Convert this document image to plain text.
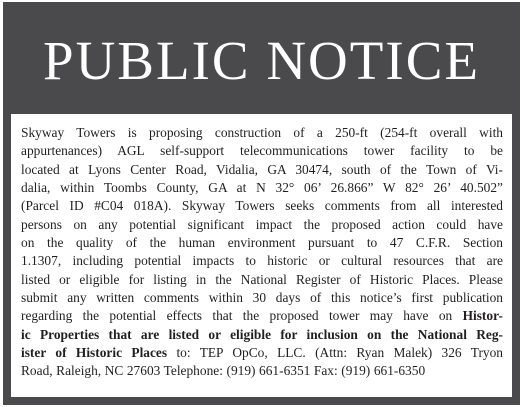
PUBLIC NOTICE

Skyway Towers is proposing construction of a 250-ft (254-ft overall with
appurtenances) AGL self-support telecommunications tower facility to be
located at Lyons Center Road, Vidalia, GA 30474, south of the Town of Vi-
dalia, within Toombs County, GA at N 32° 06’ 26.866” W 82° 26’ 40.502”
(Parcel ID #C04 018A). Skyway Towers seeks comments from all interested
persons on any potential significant impact the proposed action could have
on the quality of the human environment pursuant to 47 C.F.R. Section
1.1307, including potential impacts to historic or cultural resources that are
listed or eligible for listing in the National Register of Historic Places. Please
submit any written comments within 30 days of this notice’s first publication
regarding the potential effects that the proposed tower may have on Histor-
ic Properties that are listed or eligible for inclusion on the National Reg-
ister of Historic Places to: TEP OpCo, LLC. (Attn: Ryan Malek) 326 Tryon
Road, Raleigh, NC 27603 Telephone: (919) 661-6351 Fax: (919) 661-6350
